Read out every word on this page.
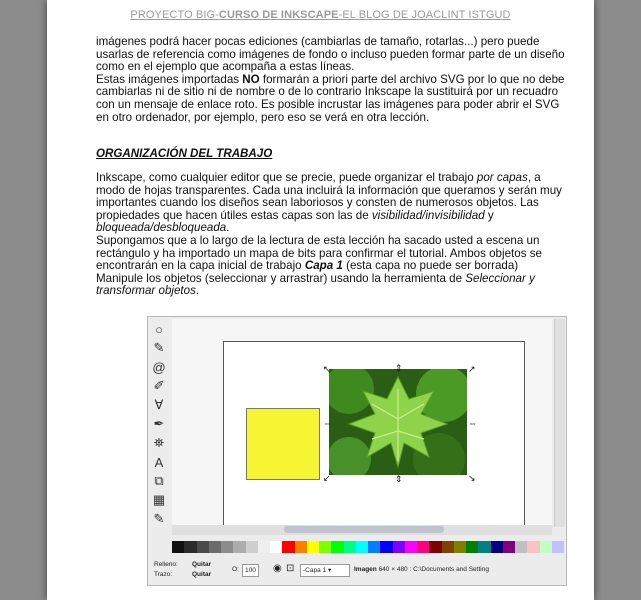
PROYECTO BIG-CURSO DE INKSCAPE-EL BLOG DE JOACLINT ISTGUD

imágenes podrá hacer pocas ediciones (cambiarlas de tamaño, rotarlas...) pero puede usarlas de referencia como imágenes de fondo o incluso pueden formar parte de un diseño como en el ejemplo que acompaña a estas líneas.

Estas imágenes importadas NO formarán a priori parte del archivo SVG por lo que no debe cambiarlas ni de sitio ni de nombre o de lo contrario Inkscape la sustituirá por un recuadro con un mensaje de enlace roto. Es posible incrustar las imágenes para poder abrir el SVG en otro ordenador, por ejemplo, pero eso se verá en otra lección.

ORGANIZACIÓN DEL TRABAJO

Inkscape, como cualquier editor que se precie, puede organizar el trabajo por capas, a modo de hojas transparentes. Cada una incluirá la información que queramos y serán muy importantes cuando los diseños sean laboriosos y consten de numerosos objetos. Las propiedades que hacen útiles estas capas son las de visibilidad/invisibilidad y bloqueada/desbloqueada.

Supongamos que a lo largo de la lectura de esta lección ha sacado usted a escena un rectángulo y ha importado un mapa de bits para confirmar el tutorial. Ambos objetos se encontrarán en la capa inicial de trabajo Capa 1 (esta capa no puede ser borrada)

Manipule los objetos (seleccionar y arrastrar) usando la herramienta de Seleccionar y transformar objetos.

○
✎
@
✐
∀
✒
⛯
A
⧉
▦
✎
↖	⇕	↗
⇔
⇔
↙	⇕	↘
Relleno: Quitar
Trazo:	Quitar
O: 100	◉ ⊡	-Capa 1 ▾	Imagen 640 × 480 : C:\Documents and Setting
